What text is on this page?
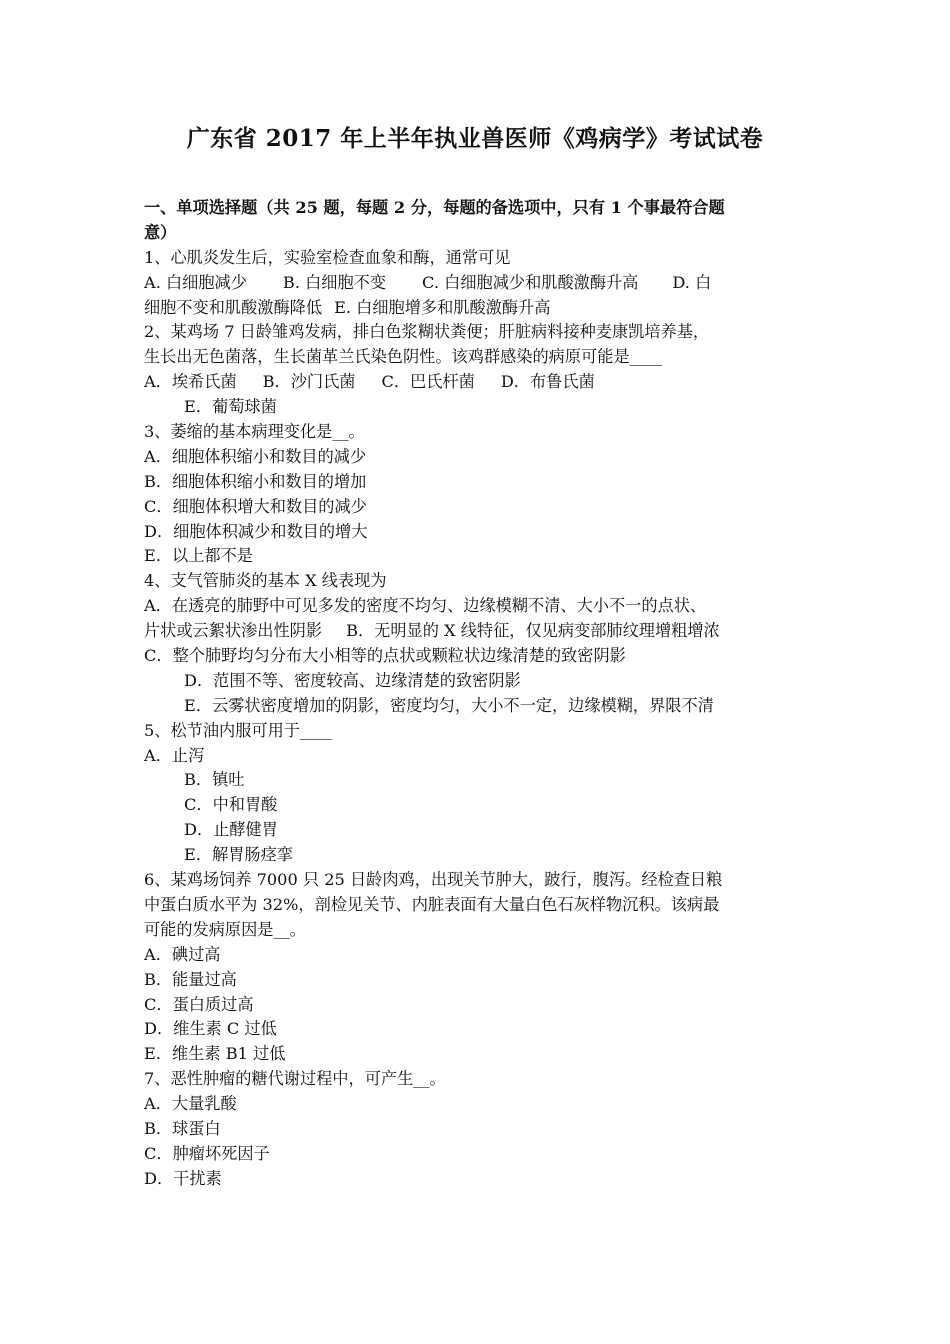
广东省 2017 年上半年执业兽医师《鸡病学》考试试卷
一、单项选择题（共 25 题，每题 2 分，每题的备选项中，只有 1 个事最符合题
意）
1、心肌炎发生后，实验室检查血象和酶，通常可见
A. 白细胞减少 B. 白细胞不变 C. 白细胞减少和肌酸激酶升高 D. 白
细胞不变和肌酸激酶降低 E. 白细胞增多和肌酸激酶升高
2、某鸡场 7 日龄雏鸡发病，排白色浆糊状粪便；肝脏病料接种麦康凯培养基，
生长出无色菌落，生长菌革兰氏染色阴性。该鸡群感染的病原可能是____
A．埃希氏菌 B．沙门氏菌 C．巴氏杆菌 D．布鲁氏菌
E．葡萄球菌
3、萎缩的基本病理变化是__。
A．细胞体积缩小和数目的减少
B．细胞体积缩小和数目的增加
C．细胞体积增大和数目的减少
D．细胞体积减少和数目的增大
E．以上都不是
4、支气管肺炎的基本 X 线表现为
A．在透亮的肺野中可见多发的密度不均匀、边缘模糊不清、大小不一的点状、
片状或云絮状渗出性阴影 B．无明显的 X 线特征，仅见病变部肺纹理增粗增浓
C．整个肺野均匀分布大小相等的点状或颗粒状边缘清楚的致密阴影
D．范围不等、密度较高、边缘清楚的致密阴影
E．云雾状密度增加的阴影，密度均匀，大小不一定，边缘模糊，界限不清
5、松节油内服可用于____
A．止泻
B．镇吐
C．中和胃酸
D．止酵健胃
E．解胃肠痉挛
6、某鸡场饲养 7000 只 25 日龄肉鸡，出现关节肿大，跛行，腹泻。经检查日粮
中蛋白质水平为 32%，剖检见关节、内脏表面有大量白色石灰样物沉积。该病最
可能的发病原因是__。
A．碘过高
B．能量过高
C．蛋白质过高
D．维生素 C 过低
E．维生素 B1 过低
7、恶性肿瘤的糖代谢过程中，可产生__。
A．大量乳酸
B．球蛋白
C．肿瘤坏死因子
D．干扰素
